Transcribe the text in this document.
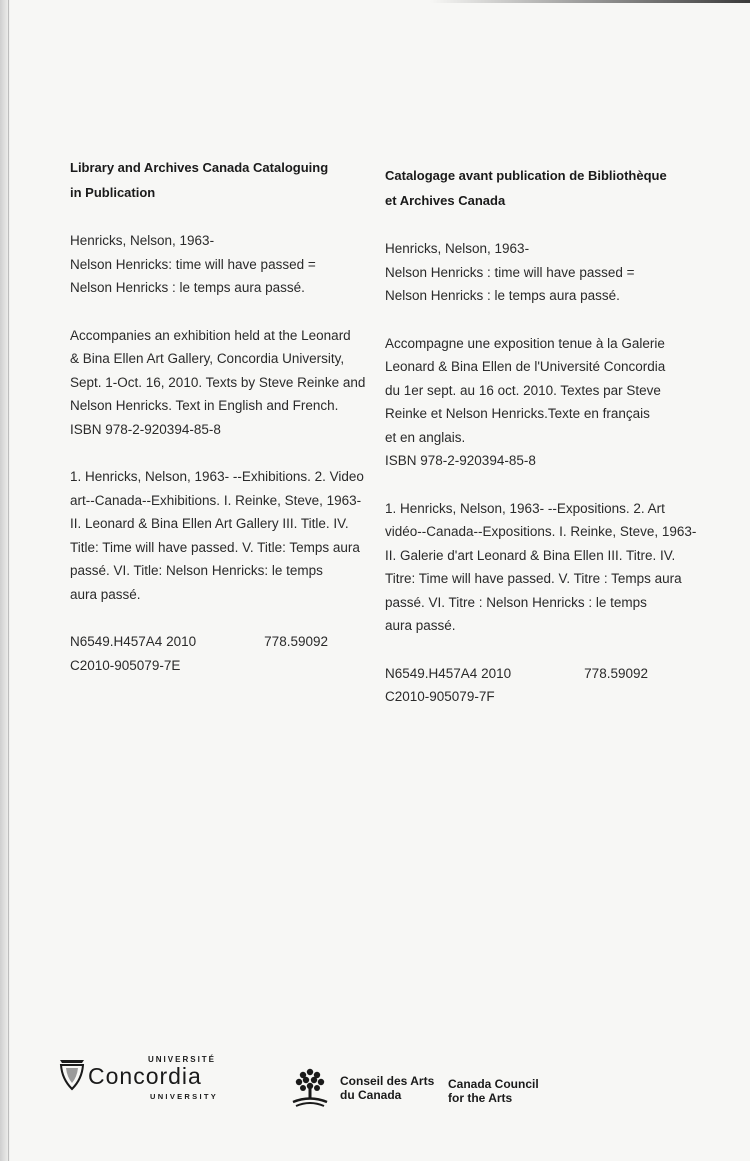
Library and Archives Canada Cataloguing

in Publication

Henricks, Nelson, 1963-

Nelson Henricks: time will have passed =

Nelson Henricks : le temps aura passé.

Accompanies an exhibition held at the Leonard

& Bina Ellen Art Gallery, Concordia University,

Sept. 1-Oct. 16, 2010. Texts by Steve Reinke and

Nelson Henricks. Text in English and French.

ISBN 978-2-920394-85-8

1. Henricks, Nelson, 1963- --Exhibitions. 2. Video

art--Canada--Exhibitions. I. Reinke, Steve, 1963-

II. Leonard & Bina Ellen Art Gallery III. Title. IV.

Title: Time will have passed. V. Title: Temps aura

passé. VI. Title: Nelson Henricks: le temps

aura passé.

N6549.H457A4 2010	778.59092

C2010-905079-7E

Catalogage avant publication de Bibliothèque

et Archives Canada

Henricks, Nelson, 1963-

Nelson Henricks : time will have passed =

Nelson Henricks : le temps aura passé.

Accompagne une exposition tenue à la Galerie

Leonard & Bina Ellen de l'Université Concordia

du 1er sept. au 16 oct. 2010. Textes par Steve

Reinke et Nelson Henricks.Texte en français

et en anglais.

ISBN 978-2-920394-85-8

1. Henricks, Nelson, 1963- --Expositions. 2. Art

vidéo--Canada--Expositions. I. Reinke, Steve, 1963-

II. Galerie d'art Leonard & Bina Ellen III. Titre. IV.

Titre: Time will have passed. V. Titre : Temps aura

passé. VI. Titre : Nelson Henricks : le temps

aura passé.

N6549.H457A4 2010	778.59092

C2010-905079-7F

UNIVERSITÉ
Concordia
UNIVERSITY
Conseil des Arts
du Canada
Canada Council
for the Arts
